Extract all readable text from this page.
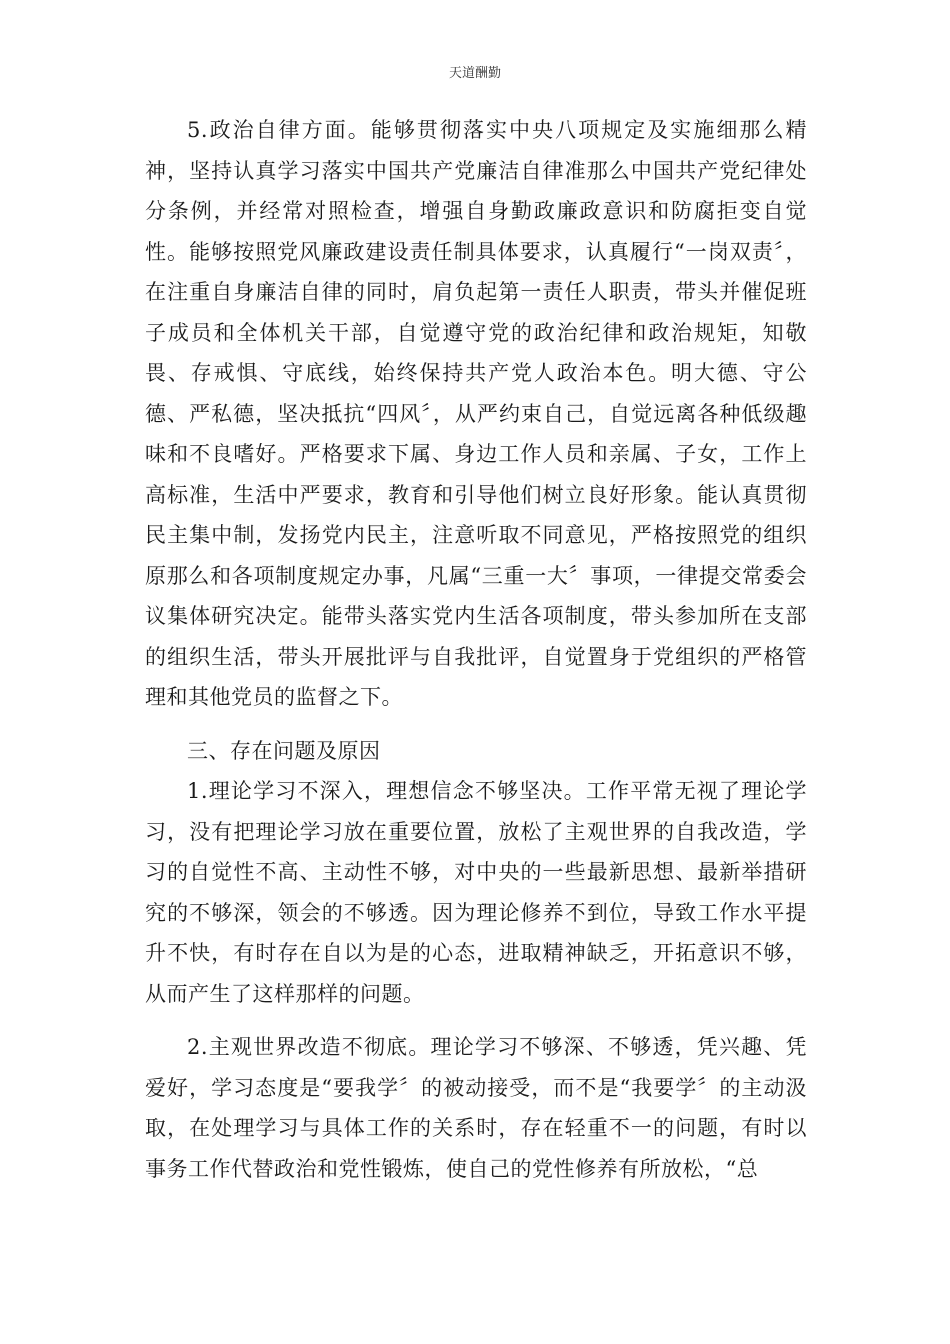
天道酬勤

5.政治自律方面。能够贯彻落实中央八项规定及实施细那么精神，坚持认真学习落实中国共产党廉洁自律准那么中国共产党纪律处分条例，并经常对照检查，增强自身勤政廉政意识和防腐拒变自觉性。能够按照党风廉政建设责任制具体要求，认真履行“一岗双责〞，在注重自身廉洁自律的同时，肩负起第一责任人职责，带头并催促班子成员和全体机关干部，自觉遵守党的政治纪律和政治规矩，知敬畏、存戒惧、守底线，始终保持共产党人政治本色。明大德、守公德、严私德，坚决抵抗“四风〞，从严约束自己，自觉远离各种低级趣味和不良嗜好。严格要求下属、身边工作人员和亲属、子女，工作上高标准，生活中严要求，教育和引导他们树立良好形象。能认真贯彻民主集中制，发扬党内民主，注意听取不同意见，严格按照党的组织原那么和各项制度规定办事，凡属“三重一大〞事项，一律提交常委会议集体研究决定。能带头落实党内生活各项制度，带头参加所在支部的组织生活，带头开展批评与自我批评，自觉置身于党组织的严格管理和其他党员的监督之下。

三、存在问题及原因

1.理论学习不深入，理想信念不够坚决。工作平常无视了理论学习，没有把理论学习放在重要位置，放松了主观世界的自我改造，学习的自觉性不高、主动性不够，对中央的一些最新思想、最新举措研究的不够深，领会的不够透。因为理论修养不到位，导致工作水平提升不快，有时存在自以为是的心态，进取精神缺乏，开拓意识不够，从而产生了这样那样的问题。

2.主观世界改造不彻底。理论学习不够深、不够透，凭兴趣、凭爱好，学习态度是“要我学〞的被动接受，而不是“我要学〞的主动汲取，在处理学习与具体工作的关系时，存在轻重不一的问题，有时以事务工作代替政治和党性锻炼，使自己的党性修养有所放松，“总
